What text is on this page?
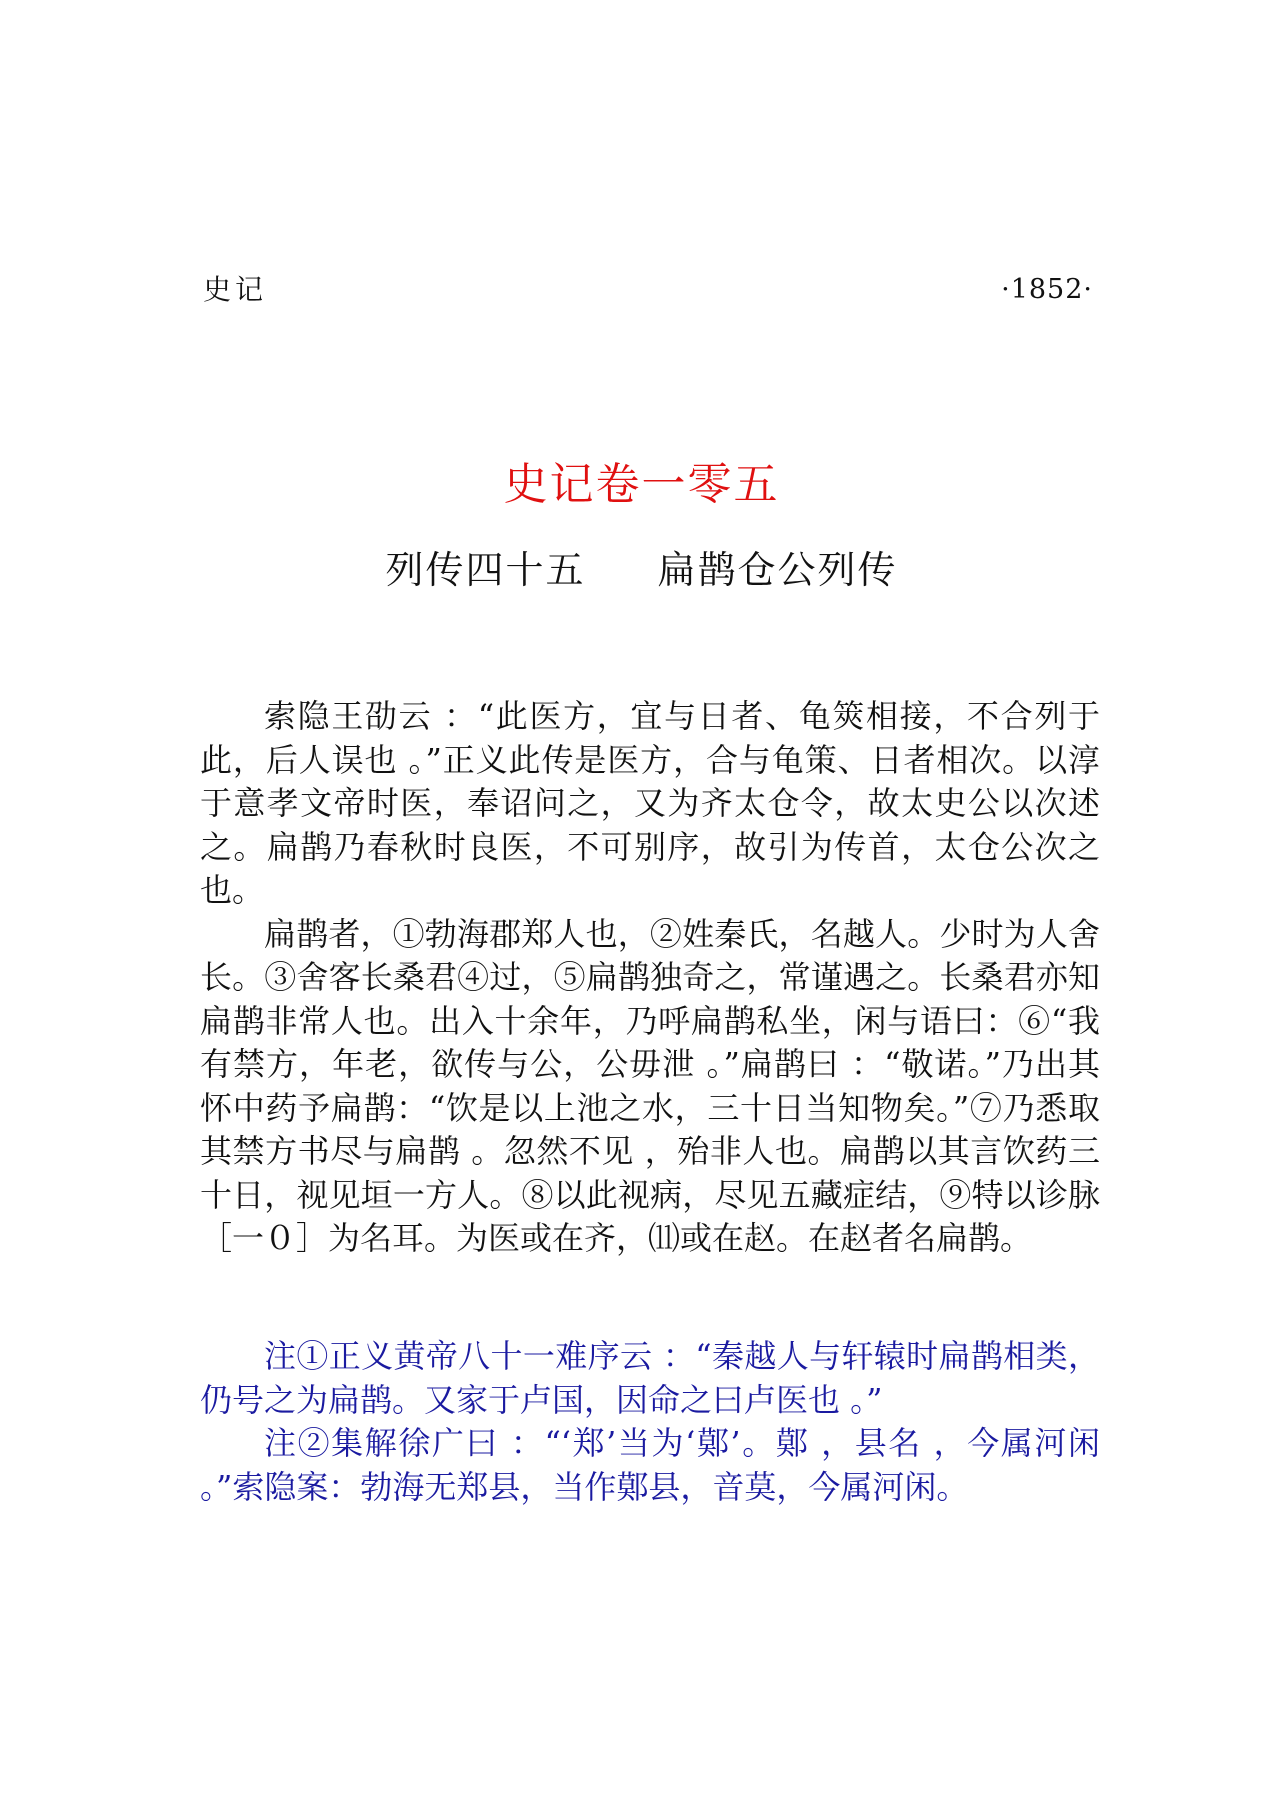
史记	·1852·
史记卷一零五
列传四十五 扁鹊仓公列传

索隐王劭云 ：“此医方，宜与日者、龟筴相接，不合列于此，后人误也 。”正义此传是医方，合与龟策、日者相次。以淳于意孝文帝时医，奉诏问之，又为齐太仓令，故太史公以次述之。扁鹊乃春秋时良医，不可别序，故引为传首，太仓公次之也。

扁鹊者，①勃海郡郑人也，②姓秦氏，名越人。少时为人舍长。③舍客长桑君④过，⑤扁鹊独奇之，常谨遇之。长桑君亦知扁鹊非常人也。出入十余年，乃呼扁鹊私坐，闲与语曰：⑥“我有禁方，年老，欲传与公，公毋泄 。”扁鹊曰 ：“敬诺。”乃出其怀中药予扁鹊：“饮是以上池之水，三十日当知物矣。”⑦乃悉取其禁方书尽与扁鹊 。忽然不见 ，殆非人也。扁鹊以其言饮药三十日，视见垣一方人。⑧以此视病，尽见五藏症结，⑨特以诊脉［一０］为名耳。为医或在齐，⑾或在赵。在赵者名扁鹊。

注①正义黄帝八十一难序云 ：“秦越人与轩辕时扁鹊相类，仍号之为扁鹊。又家于卢国，因命之曰卢医也 。”

注②集解徐广曰 ：“‘郑’当为‘鄚’。鄚 ，县名 ，今属河闲 。”索隐案：勃海无郑县，当作鄚县，音莫，今属河闲。
